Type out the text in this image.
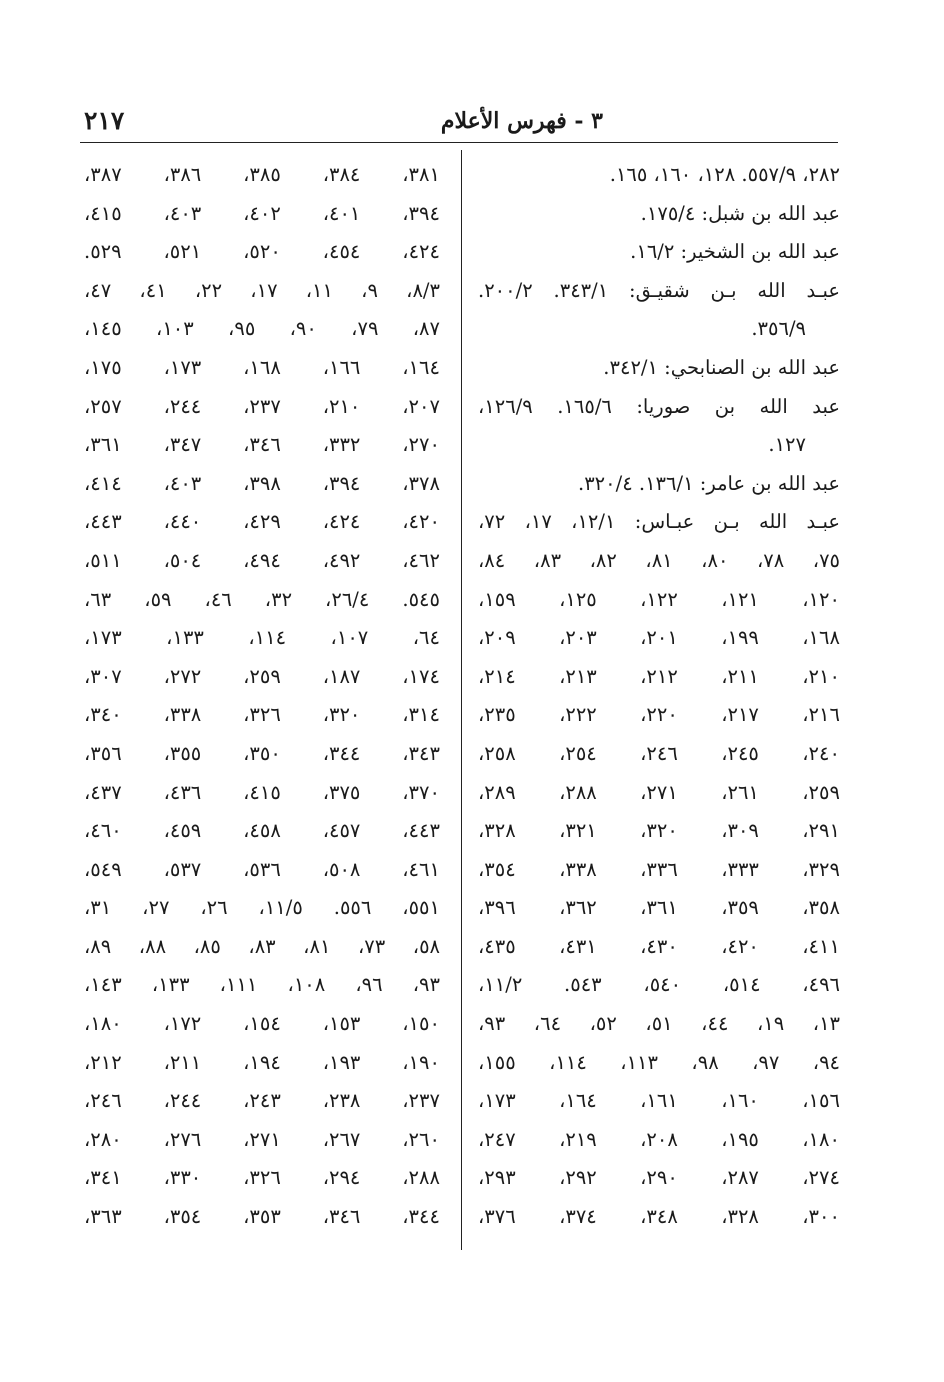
٣ - فهرس الأعلام
٢١٧
٢٨٢، ٥٥٧/٩. ١٢٨، ١٦٠، ١٦٥.
عبد الله بن شبل: ١٧٥/٤.
عبد الله بن الشخير: ١٦/٢.
عبـد الله بـن شقيـق: ٣٤٣/١. ٢٠٠/٢.
٣٥٦/٩.
عبد الله بن الصنابحي: ٣٤٢/١.
عبد الله بن صوريا: ١٦٥/٦. ١٢٦/٩،
١٢٧.
عبد الله بن عامر: ١٣٦/١. ٣٢٠/٤.
عبـد الله بـن عبـاس: ١٢/١، ١٧، ٧٢،
٧٥، ٧٨، ٨٠، ٨١، ٨٢، ٨٣، ٨٤،
١٢٠، ١٢١، ١٢٢، ١٢٥، ١٥٩،
١٦٨، ١٩٩، ٢٠١، ٢٠٣، ٢٠٩،
٢١٠، ٢١١، ٢١٢، ٢١٣، ٢١٤،
٢١٦، ٢١٧، ٢٢٠، ٢٢٢، ٢٣٥،
٢٤٠، ٢٤٥، ٢٤٦، ٢٥٤، ٢٥٨،
٢٥٩، ٢٦١، ٢٧١، ٢٨٨، ٢٨٩،
٢٩١، ٣٠٩، ٣٢٠، ٣٢١، ٣٢٨،
٣٢٩، ٣٣٣، ٣٣٦، ٣٣٨، ٣٥٤،
٣٥٨، ٣٥٩، ٣٦١، ٣٦٢، ٣٩٦،
٤١١، ٤٢٠، ٤٣٠، ٤٣١، ٤٣٥،
٤٩٦، ٥١٤، ٥٤٠، ٥٤٣. ١١/٢،
١٣، ١٩، ٤٤، ٥١، ٥٢، ٦٤، ٩٣،
٩٤، ٩٧، ٩٨، ١١٣، ١١٤، ١٥٥،
١٥٦، ١٦٠، ١٦١، ١٦٤، ١٧٣،
١٨٠، ١٩٥، ٢٠٨، ٢١٩، ٢٤٧،
٢٧٤، ٢٨٧، ٢٩٠، ٢٩٢، ٢٩٣،
٣٠٠، ٣٢٨، ٣٤٨، ٣٧٤، ٣٧٦،
٣٨١، ٣٨٤، ٣٨٥، ٣٨٦، ٣٨٧،
٣٩٤، ٤٠١، ٤٠٢، ٤٠٣، ٤١٥،
٤٢٤، ٤٥٤، ٥٢٠، ٥٢١، ٥٢٩.
٨/٣، ٩، ١١، ١٧، ٢٢، ٤١، ٤٧،
٨٧، ٧٩، ٩٠، ٩٥، ١٠٣، ١٤٥،
١٦٤، ١٦٦، ١٦٨، ١٧٣، ١٧٥،
٢٠٧، ٢١٠، ٢٣٧، ٢٤٤، ٢٥٧،
٢٧٠، ٣٣٢، ٣٤٦، ٣٤٧، ٣٦١،
٣٧٨، ٣٩٤، ٣٩٨، ٤٠٣، ٤١٤،
٤٢٠، ٤٢٤، ٤٢٩، ٤٤٠، ٤٤٣،
٤٦٢، ٤٩٢، ٤٩٤، ٥٠٤، ٥١١،
٥٤٥. ٢٦/٤، ٣٢، ٤٦، ٥٩، ٦٣،
٦٤، ١٠٧، ١١٤، ١٣٣، ١٧٣،
١٧٤، ١٨٧، ٢٥٩، ٢٧٢، ٣٠٧،
٣١٤، ٣٢٠، ٣٢٦، ٣٣٨، ٣٤٠،
٣٤٣، ٣٤٤، ٣٥٠، ٣٥٥، ٣٥٦،
٣٧٠، ٣٧٥، ٤١٥، ٤٣٦، ٤٣٧،
٤٤٣، ٤٥٧، ٤٥٨، ٤٥٩، ٤٦٠،
٤٦١، ٥٠٨، ٥٣٦، ٥٣٧، ٥٤٩،
٥٥١، ٥٥٦. ١١/٥، ٢٦، ٢٧، ٣١،
٥٨، ٧٣، ٨١، ٨٣، ٨٥، ٨٨، ٨٩،
٩٣، ٩٦، ١٠٨، ١١١، ١٣٣، ١٤٣،
١٥٠، ١٥٣، ١٥٤، ١٧٢، ١٨٠،
١٩٠، ١٩٣، ١٩٤، ٢١١، ٢١٢،
٢٣٧، ٢٣٨، ٢٤٣، ٢٤٤، ٢٤٦،
٢٦٠، ٢٦٧، ٢٧١، ٢٧٦، ٢٨٠،
٢٨٨، ٢٩٤، ٣٢٦، ٣٣٠، ٣٤١،
٣٤٤، ٣٤٦، ٣٥٣، ٣٥٤، ٣٦٣،
